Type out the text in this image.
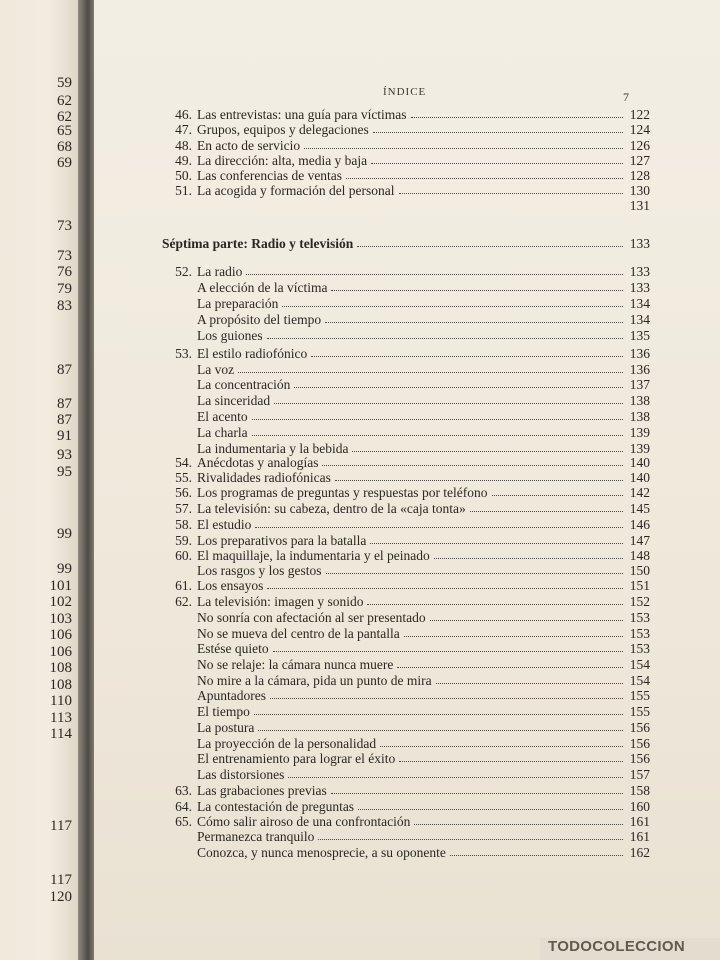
59
62
62
65
68
69
73
73
76
79
83
87
87
87
91
93
95
99
99
101
102
103
106
106
108
108
110
113
114
117
117
120
ÍNDICE	7
46. Las entrevistas: una guía para víctimas	122
47. Grupos, equipos y delegaciones	124
48. En acto de servicio	126
49. La dirección: alta, media y baja	127
50. Las conferencias de ventas	128
51. La acogida y formación del personal	130
131
Séptima parte: Radio y televisión	133
52. La radio	133
A elección de la víctima	133
La preparación	134
A propósito del tiempo	134
Los guiones	135
53. El estilo radiofónico	136
La voz	136
La concentración	137
La sinceridad	138
El acento	138
La charla	139
La indumentaria y la bebida	139
54. Anécdotas y analogías	140
55. Rivalidades radiofónicas	140
56. Los programas de preguntas y respuestas por teléfono	142
57. La televisión: su cabeza, dentro de la «caja tonta»	145
58. El estudio	146
59. Los preparativos para la batalla	147
60. El maquillaje, la indumentaria y el peinado	148
Los rasgos y los gestos	150
61. Los ensayos	151
62. La televisión: imagen y sonido	152
No sonría con afectación al ser presentado	153
No se mueva del centro de la pantalla	153
Estése quieto	153
No se relaje: la cámara nunca muere	154
No mire a la cámara, pida un punto de mira	154
Apuntadores	155
El tiempo	155
La postura	156
La proyección de la personalidad	156
El entrenamiento para lograr el éxito	156
Las distorsiones	157
63. Las grabaciones previas	158
64. La contestación de preguntas	160
65. Cómo salir airoso de una confrontación	161
Permanezca tranquilo	161
Conozca, y nunca menosprecie, a su oponente	162
TODOCOLECCION
